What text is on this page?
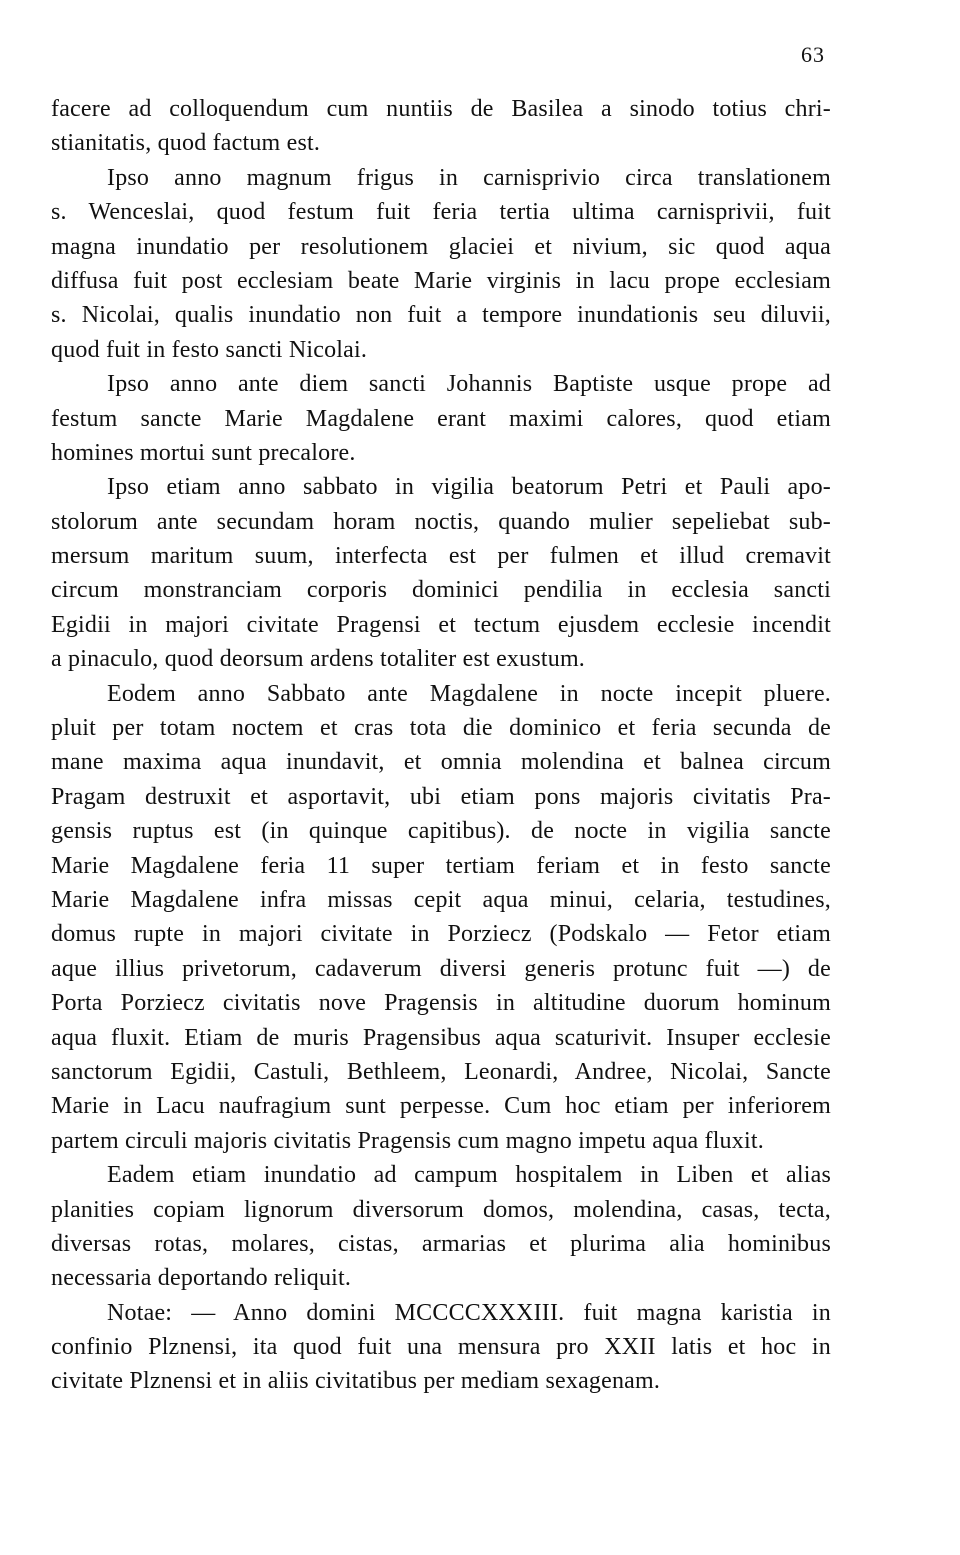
63
facere ad colloquendum cum nuntiis de Basilea a sinodo totius chri-
stianitatis, quod factum est.
Ipso anno magnum frigus in carnisprivio circa translationem
s. Wenceslai, quod festum fuit feria tertia ultima carnisprivii, fuit
magna inundatio per resolutionem glaciei et nivium, sic quod aqua
diffusa fuit post ecclesiam beate Marie virginis in lacu prope ecclesiam
s. Nicolai, qualis inundatio non fuit a tempore inundationis seu diluvii,
quod fuit in festo sancti Nicolai.
Ipso anno ante diem sancti Johannis Baptiste usque prope ad
festum sancte Marie Magdalene erant maximi calores, quod etiam
homines mortui sunt precalore.
Ipso etiam anno sabbato in vigilia beatorum Petri et Pauli apo-
stolorum ante secundam horam noctis, quando mulier sepeliebat sub-
mersum maritum suum, interfecta est per fulmen et illud cremavit
circum monstranciam corporis dominici pendilia in ecclesia sancti
Egidii in majori civitate Pragensi et tectum ejusdem ecclesie incendit
a pinaculo, quod deorsum ardens totaliter est exustum.
Eodem anno Sabbato ante Magdalene in nocte incepit pluere.
pluit per totam noctem et cras tota die dominico et feria secunda de
mane maxima aqua inundavit, et omnia molendina et balnea circum
Pragam destruxit et asportavit, ubi etiam pons majoris civitatis Pra-
gensis ruptus est (in quinque capitibus). de nocte in vigilia sancte
Marie Magdalene feria 11 super tertiam feriam et in festo sancte
Marie Magdalene infra missas cepit aqua minui, celaria, testudines,
domus rupte in majori civitate in Porziecz (Podskalo — Fetor etiam
aque illius privetorum, cadaverum diversi generis protunc fuit —) de
Porta Porziecz civitatis nove Pragensis in altitudine duorum hominum
aqua fluxit. Etiam de muris Pragensibus aqua scaturivit. Insuper ecclesie
sanctorum Egidii, Castuli, Bethleem, Leonardi, Andree, Nicolai, Sancte
Marie in Lacu naufragium sunt perpesse. Cum hoc etiam per inferiorem
partem circuli majoris civitatis Pragensis cum magno impetu aqua fluxit.
Eadem etiam inundatio ad campum hospitalem in Liben et alias
planities copiam lignorum diversorum domos, molendina, casas, tecta,
diversas rotas, molares, cistas, armarias et plurima alia hominibus
necessaria deportando reliquit.
Notae: — Anno domini MCCCCXXXIII. fuit magna karistia in
confinio Plznensi, ita quod fuit una mensura pro XXII latis et hoc in
civitate Plznensi et in aliis civitatibus per mediam sexagenam.
